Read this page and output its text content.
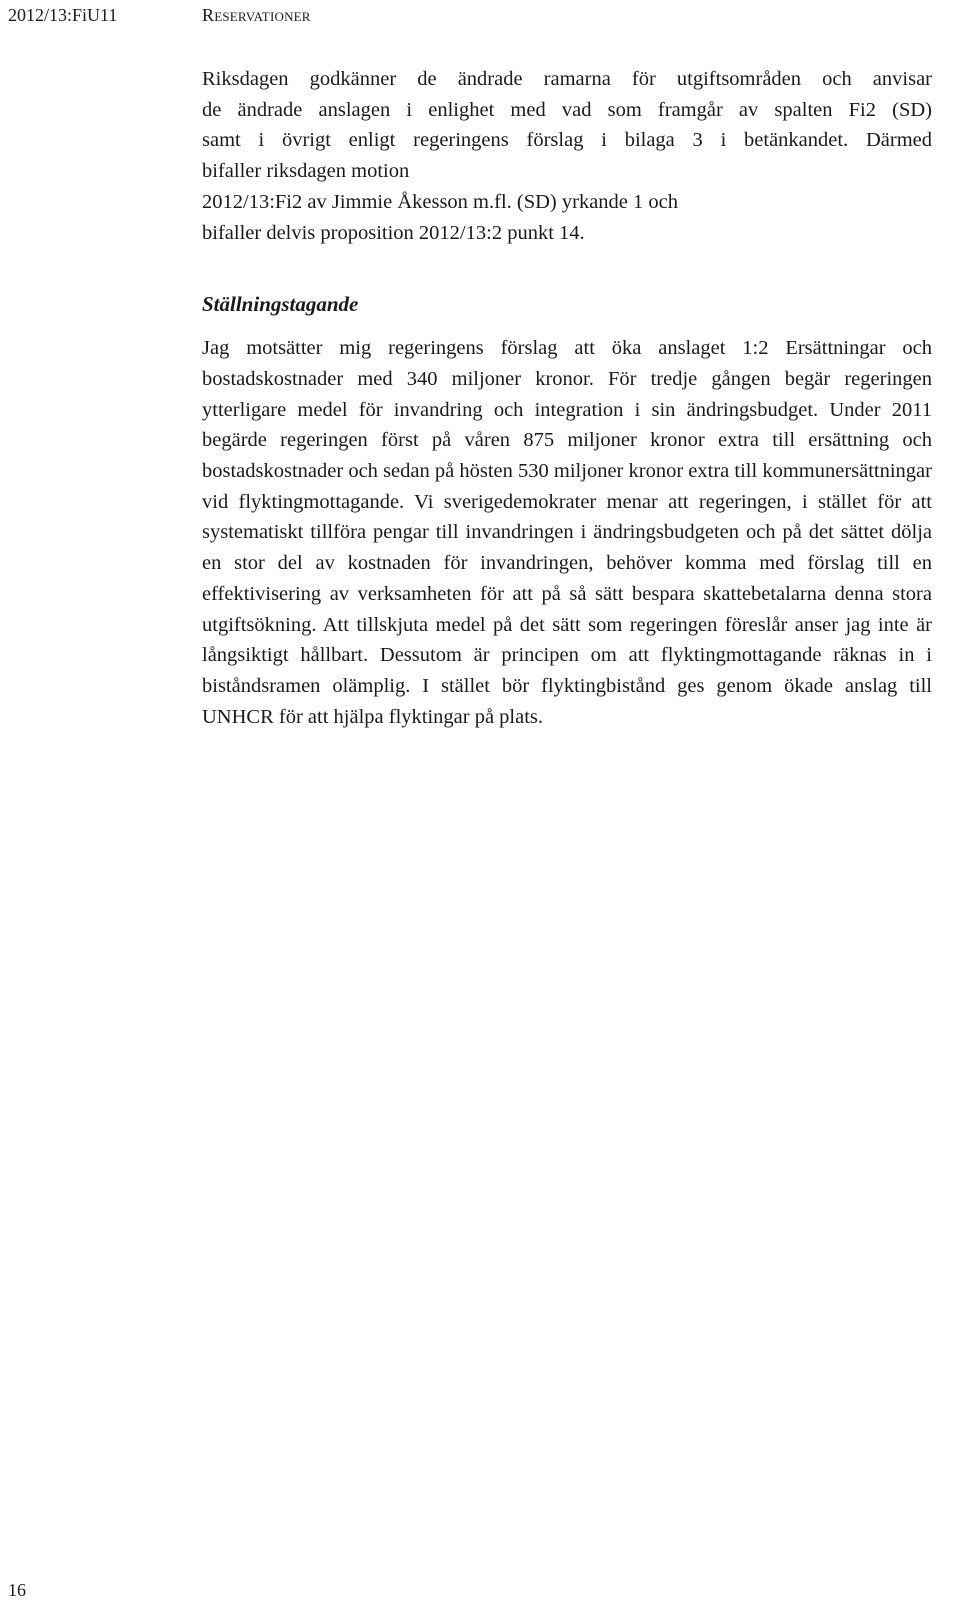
2012/13:FiU11	Reservationer

Riksdagen godkänner de ändrade ramarna för utgiftsområden och anvisar
de ändrade anslagen i enlighet med vad som framgår av spalten Fi2 (SD)
samt i övrigt enligt regeringens förslag i bilaga 3 i betänkandet. Därmed
bifaller riksdagen motion
2012/13:Fi2 av Jimmie Åkesson m.fl. (SD) yrkande 1 och
bifaller delvis proposition 2012/13:2 punkt 14.

Ställningstagande

Jag motsätter mig regeringens förslag att öka anslaget 1:2 Ersättningar och bostadskostnader med 340 miljoner kronor. För tredje gången begär regeringen ytterligare medel för invandring och integration i sin ändringsbudget. Under 2011 begärde regeringen först på våren 875 miljoner kronor extra till ersättning och bostadskostnader och sedan på hösten 530 miljoner kronor extra till kommunersättningar vid flyktingmottagande. Vi sverigedemokrater menar att regeringen, i stället för att systematiskt tillföra pengar till invandringen i ändringsbudgeten och på det sättet dölja en stor del av kostnaden för invandringen, behöver komma med förslag till en effektivisering av verksamheten för att på så sätt bespara skattebetalarna denna stora utgiftsökning. Att tillskjuta medel på det sätt som regeringen föreslår anser jag inte är långsiktigt hållbart. Dessutom är principen om att flyktingmottagande räknas in i biståndsramen olämplig. I stället bör flyktingbistånd ges genom ökade anslag till UNHCR för att hjälpa flyktingar på plats.

16
